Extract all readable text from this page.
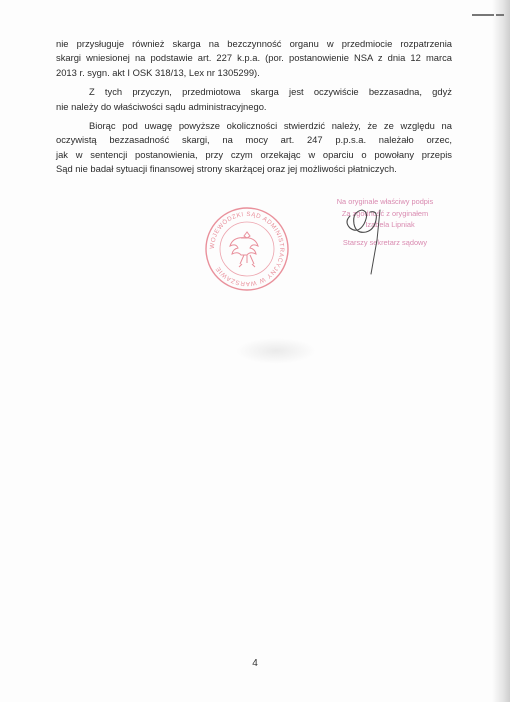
nie przysługuje również skarga na bezczynność organu w przedmiocie rozpatrzenia

skargi wniesionej na podstawie art. 227 k.p.a. (por. postanowienie NSA z dnia 12 marca

2013 r. sygn. akt I OSK 318/13, Lex nr 1305299).

Z tych przyczyn, przedmiotowa skarga jest oczywiście bezzasadna, gdyż

nie należy do właściwości sądu administracyjnego.

Biorąc pod uwagę powyższe okoliczności stwierdzić należy, że ze względu na

oczywistą bezzasadność skargi, na mocy art. 247 p.p.s.a. należało orzec,

jak w sentencji postanowienia, przy czym orzekając w oparciu o powołany przepis

Sąd nie badał sytuacji finansowej strony skarżącej oraz jej możliwości płatniczych.

WOJEWÓDZKI SĄD ADMINISTRACYJNY W WARSZAWIE
Na oryginale właściwy podpis
Za zgodność z oryginałem
Izabela Lipniak
Starszy sekretarz sądowy
4
